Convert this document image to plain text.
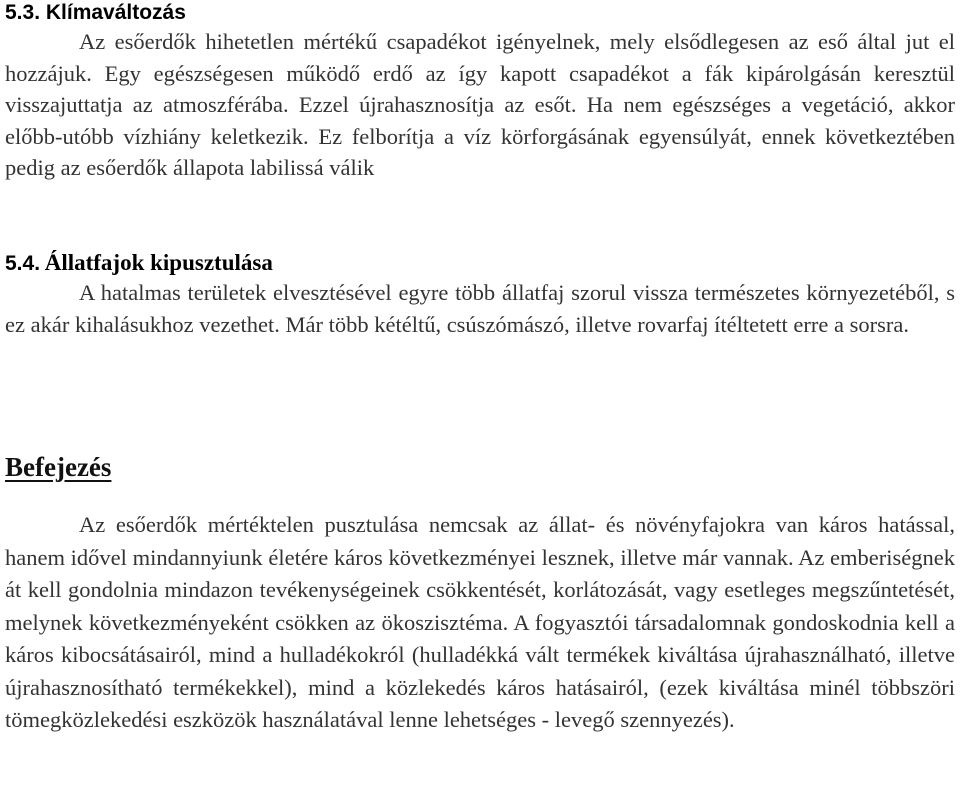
5.3. Klímaváltozás

Az esőerdők hihetetlen mértékű csapadékot igényelnek, mely elsődlegesen az eső által jut el hozzájuk. Egy egészségesen működő erdő az így kapott csapadékot a fák kipárolgásán keresztül visszajuttatja az atmoszférába. Ezzel újrahasznosítja az esőt. Ha nem egészséges a vegetáció, akkor előbb-utóbb vízhiány keletkezik. Ez felborítja a víz körforgásának egyensúlyát, ennek következtében pedig az esőerdők állapota labilissá válik

5.4. Állatfajok kipusztulása

A hatalmas területek elvesztésével egyre több állatfaj szorul vissza természetes környezetéből, s ez akár kihalásukhoz vezethet. Már több kétéltű, csúszómászó, illetve rovarfaj ítéltetett erre a sorsra.

Befejezés

Az esőerdők mértéktelen pusztulása nemcsak az állat- és növényfajokra van káros hatással, hanem idővel mindannyiunk életére káros következményei lesznek, illetve már vannak. Az emberiségnek át kell gondolnia mindazon tevékenységeinek csökkentését, korlátozását, vagy esetleges megszűntetését, melynek következményeként csökken az ökoszisztéma. A fogyasztói társadalomnak gondoskodnia kell a káros kibocsátásairól, mind a hulladékokról (hulladékká vált termékek kiváltása újrahasználható, illetve újrahasznosítható termékekkel), mind a közlekedés káros hatásairól, (ezek kiváltása minél többszöri tömegközlekedési eszközök használatával lenne lehetséges - levegő szennyezés).
